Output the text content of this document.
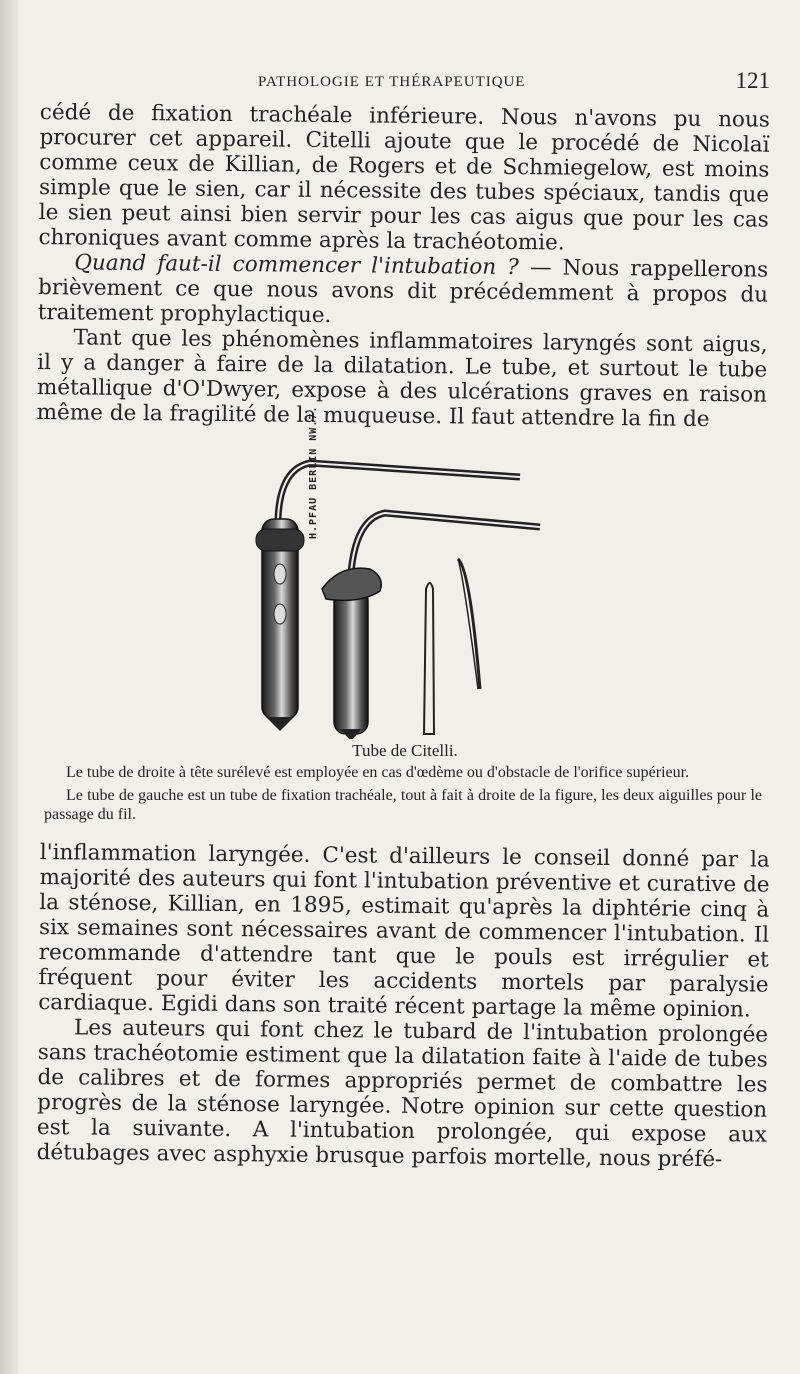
PATHOLOGIE ET THÉRAPEUTIQUE	121

cédé de fixation trachéale inférieure. Nous n'avons pu nous procurer cet appareil. Citelli ajoute que le procédé de Nicolaï comme ceux de Killian, de Rogers et de Schmiegelow, est moins simple que le sien, car il nécessite des tubes spéciaux, tandis que le sien peut ainsi bien servir pour les cas aigus que pour les cas chroniques avant comme après la trachéotomie.

Quand faut-il commencer l'intubation ? — Nous rappellerons brièvement ce que nous avons dit précédemment à propos du traitement prophylactique.

Tant que les phénomènes inflammatoires laryngés sont aigus, il y a danger à faire de la dilatation. Le tube, et surtout le tube métallique d'O'Dwyer, expose à des ulcérations graves en raison même de la fragilité de la muqueuse. Il faut attendre la fin de

H.PFAU BERLIN NW.7.
Tube de Citelli.

Le tube de droite à tête surélevé est employée en cas d'œdème ou d'obstacle de l'orifice supérieur.

Le tube de gauche est un tube de fixation trachéale, tout à fait à droite de la figure, les deux aiguilles pour le passage du fil.

l'inflammation laryngée. C'est d'ailleurs le conseil donné par la majorité des auteurs qui font l'intubation préventive et curative de la sténose, Killian, en 1895, estimait qu'après la diphtérie cinq à six semaines sont nécessaires avant de commencer l'intubation. Il recommande d'attendre tant que le pouls est irrégulier et fréquent pour éviter les accidents mortels par paralysie cardiaque. Egidi dans son traité récent partage la même opinion.

Les auteurs qui font chez le tubard de l'intubation prolongée sans trachéotomie estiment que la dilatation faite à l'aide de tubes de calibres et de formes appropriés permet de combattre les progrès de la sténose laryngée. Notre opinion sur cette question est la suivante. A l'intubation prolongée, qui expose aux détubages avec asphyxie brusque parfois mortelle, nous préfé-
